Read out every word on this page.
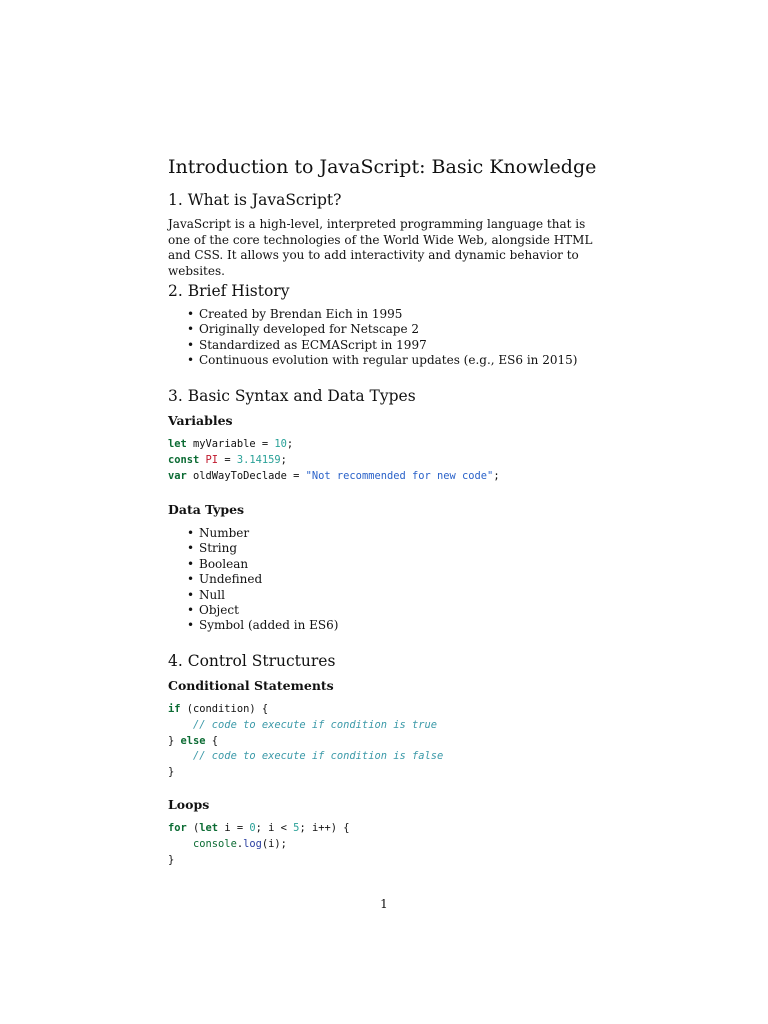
Introduction to JavaScript: Basic Knowledge
1. What is JavaScript?

JavaScript is a high-level, interpreted programming language that is one of the core technologies of the World Wide Web, alongside HTML and CSS. It allows you to add interactivity and dynamic behavior to websites.

2. Brief History
• Created by Brendan Eich in 1995
• Originally developed for Netscape 2
• Standardized as ECMAScript in 1997
• Continuous evolution with regular updates (e.g., ES6 in 2015)
3. Basic Syntax and Data Types
Variables
let myVariable = 10;
const PI = 3.14159;
var oldWayToDeclade = "Not recommended for new code";
Data Types
• Number
• String
• Boolean
• Undefined
• Null
• Object
• Symbol (added in ES6)
4. Control Structures
Conditional Statements
if (condition) {
// code to execute if condition is true
} else {
// code to execute if condition is false
}
Loops
for (let i = 0; i < 5; i++) {
console.log(i);
}
1
